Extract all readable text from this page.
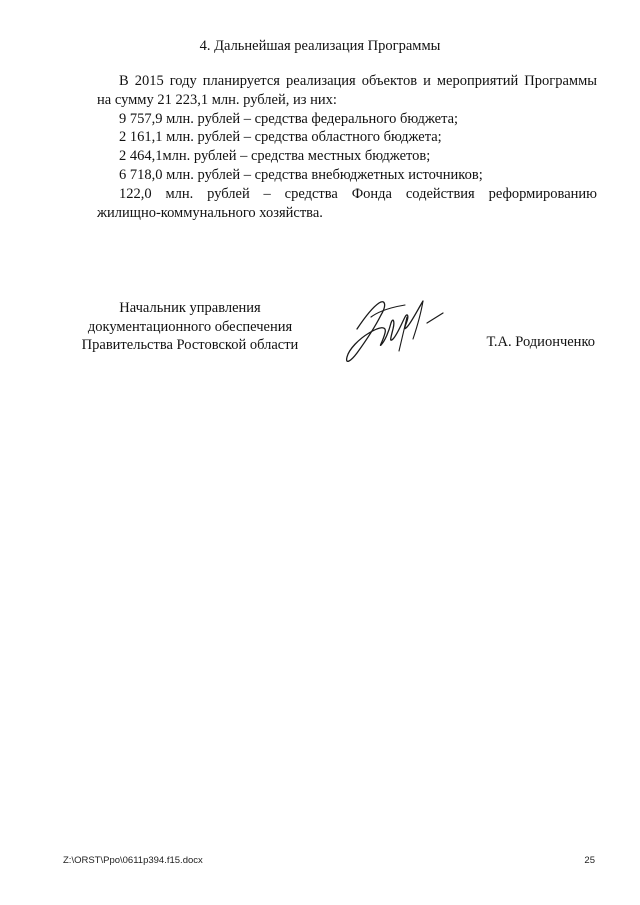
4. Дальнейшая реализация Программы

В 2015 году планируется реализация объектов и мероприятий Программы

на сумму 21 223,1 млн. рублей, из них:

9 757,9 млн. рублей – средства федерального бюджета;

2 161,1 млн. рублей – средства областного бюджета;

2 464,1млн. рублей – средства местных бюджетов;

6 718,0 млн. рублей – средства внебюджетных источников;

122,0 млн. рублей – средства Фонда содействия реформированию

жилищно-коммунального хозяйства.

Начальник управления
документационного обеспечения
Правительства Ростовской области	Т.А. Родионченко
Z:\ORST\Ppo\0611p394.f15.docx	25
